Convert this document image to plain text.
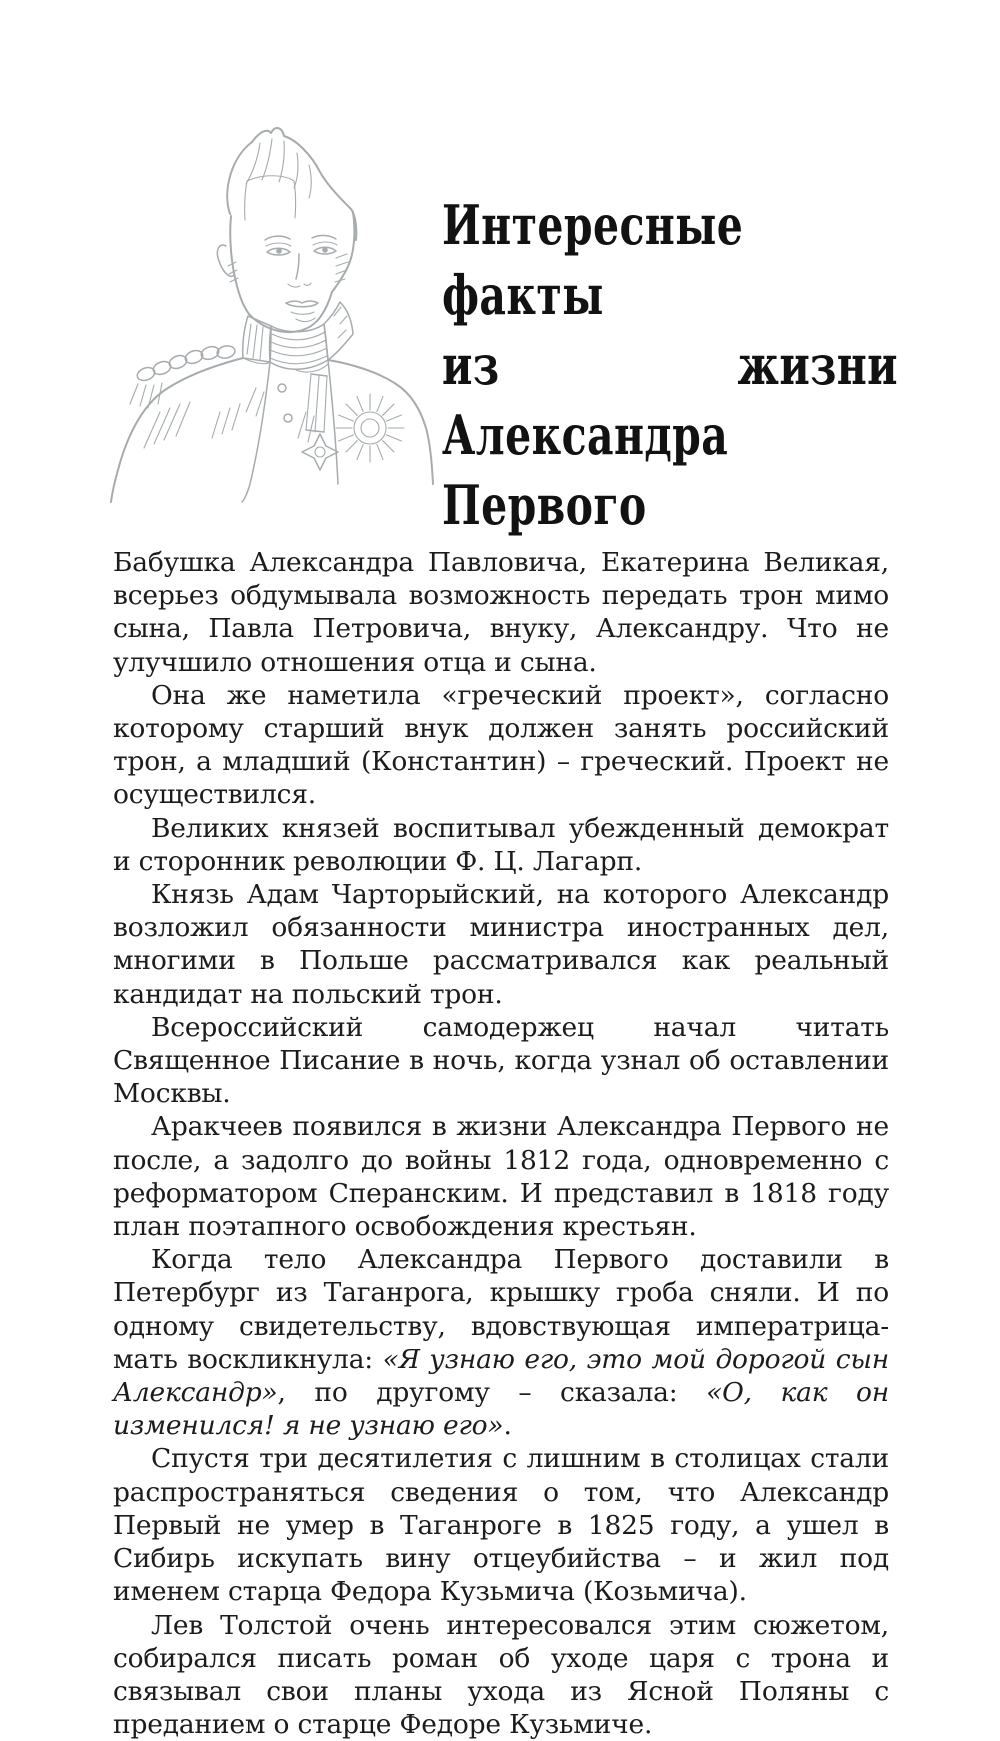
Интересные факты
из жизни Александра
Первого

Бабушка Александра Павловича, Екатерина Великая, всерьез обдумывала возможность передать трон мимо сына, Павла Петровича, внуку, Александру. Что не улучшило отношения отца и сына.

Она же наметила «греческий проект», согласно которому старший внук должен занять российский трон, а младший (Константин) – греческий. Проект не осуществился.

Великих князей воспитывал убежденный демократ и сторонник революции Ф. Ц. Лагарп.

Князь Адам Чарторыйский, на которого Александр возложил обязанности министра иностранных дел, многими в Польше рассматривался как реальный кандидат на польский трон.

Всероссийский самодержец начал читать Священное Писание в ночь, когда узнал об оставлении Москвы.

Аракчеев появился в жизни Александра Первого не после, а задолго до войны 1812 года, одновременно с реформатором Сперанским. И представил в 1818 году план поэтапного освобождения крестьян.

Когда тело Александра Первого доставили в Петербург из Таганрога, крышку гроба сняли. И по одному свидетельству, вдовствующая императрица-мать воскликнула: «Я узнаю его, это мой дорогой сын Александр», по другому – сказала: «О, как он изменился! я не узнаю его».

Спустя три десятилетия с лишним в столицах стали распространяться сведения о том, что Александр Первый не умер в Таганроге в 1825 году, а ушел в Сибирь искупать вину отцеубийства – и жил под именем старца Федора Кузьмича (Козьмича).

Лев Толстой очень интересовался этим сюжетом, собирался писать роман об уходе царя с трона и связывал свои планы ухода из Ясной Поляны с преданием о старце Федоре Кузьмиче.
